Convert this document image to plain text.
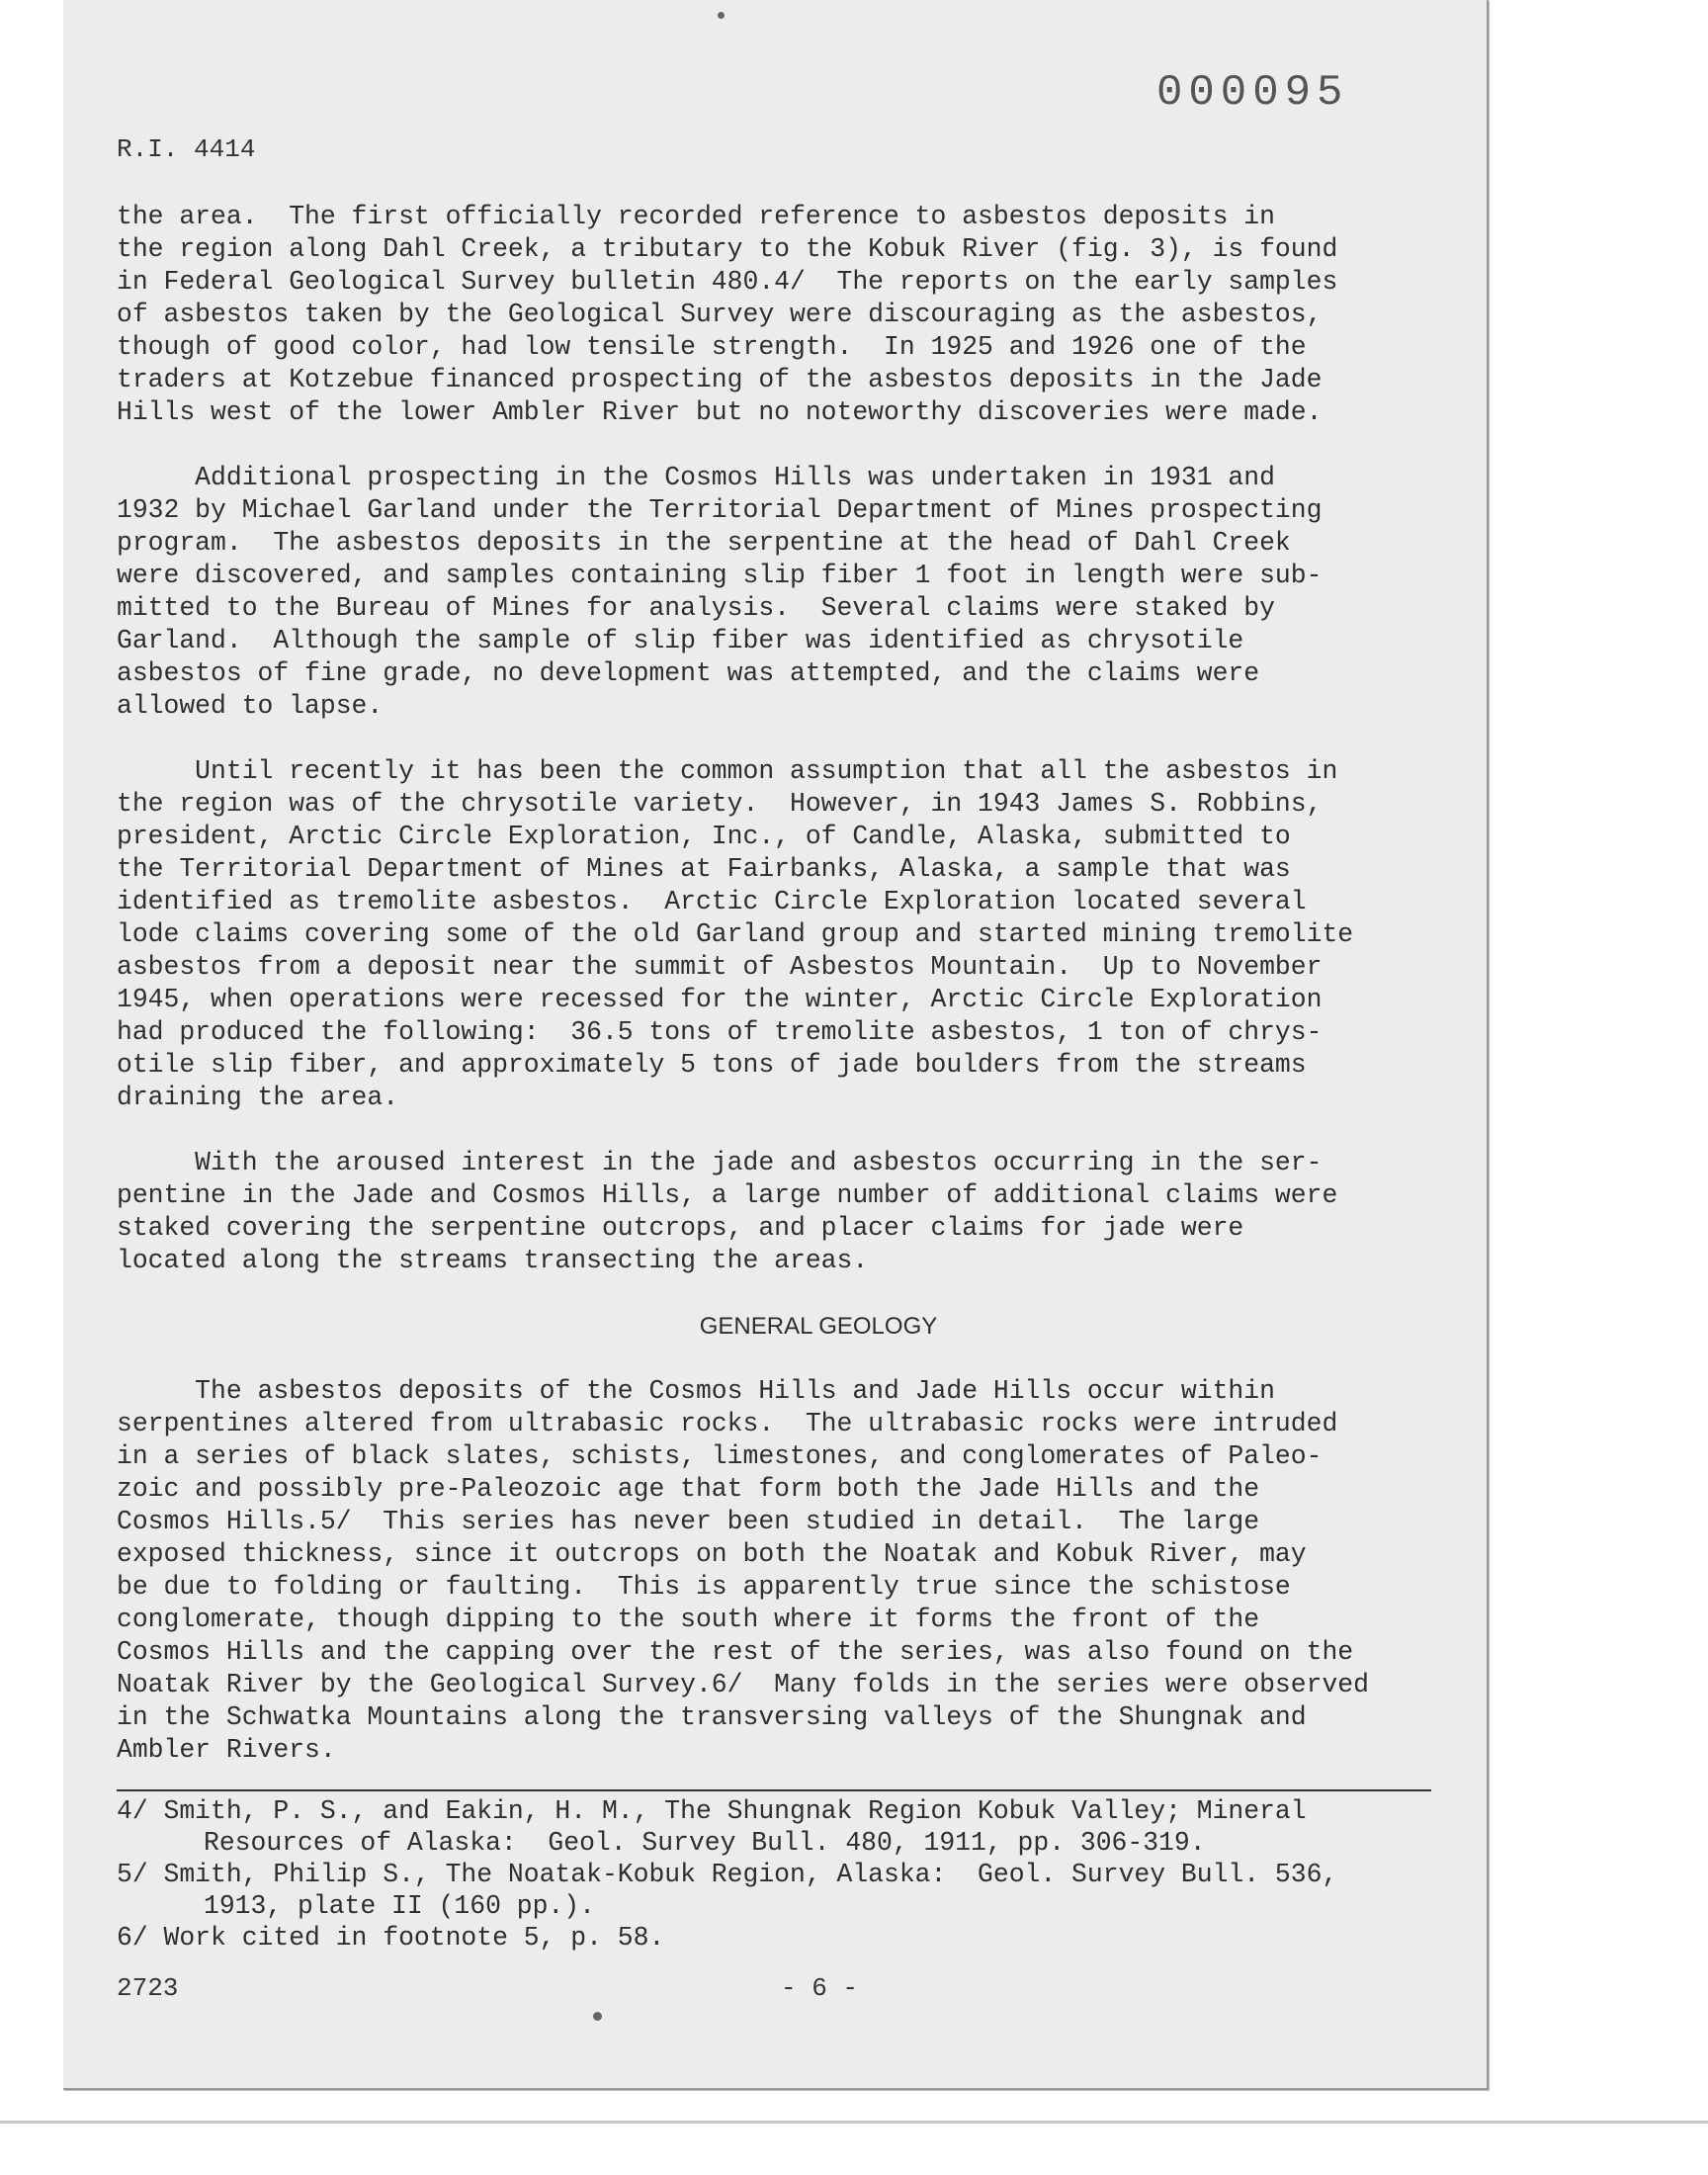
000095
R.I. 4414

the area.  The first officially recorded reference to asbestos deposits in
the region along Dahl Creek, a tributary to the Kobuk River (fig. 3), is found
in Federal Geological Survey bulletin 480.4/  The reports on the early samples
of asbestos taken by the Geological Survey were discouraging as the asbestos,
though of good color, had low tensile strength.  In 1925 and 1926 one of the
traders at Kotzebue financed prospecting of the asbestos deposits in the Jade
Hills west of the lower Ambler River but no noteworthy discoveries were made.

Additional prospecting in the Cosmos Hills was undertaken in 1931 and
1932 by Michael Garland under the Territorial Department of Mines prospecting
program.  The asbestos deposits in the serpentine at the head of Dahl Creek
were discovered, and samples containing slip fiber 1 foot in length were sub-
mitted to the Bureau of Mines for analysis.  Several claims were staked by
Garland.  Although the sample of slip fiber was identified as chrysotile
asbestos of fine grade, no development was attempted, and the claims were
allowed to lapse.

Until recently it has been the common assumption that all the asbestos in
the region was of the chrysotile variety.  However, in 1943 James S. Robbins,
president, Arctic Circle Exploration, Inc., of Candle, Alaska, submitted to
the Territorial Department of Mines at Fairbanks, Alaska, a sample that was
identified as tremolite asbestos.  Arctic Circle Exploration located several
lode claims covering some of the old Garland group and started mining tremolite
asbestos from a deposit near the summit of Asbestos Mountain.  Up to November
1945, when operations were recessed for the winter, Arctic Circle Exploration
had produced the following:  36.5 tons of tremolite asbestos, 1 ton of chrys-
otile slip fiber, and approximately 5 tons of jade boulders from the streams
draining the area.

With the aroused interest in the jade and asbestos occurring in the ser-
pentine in the Jade and Cosmos Hills, a large number of additional claims were
staked covering the serpentine outcrops, and placer claims for jade were
located along the streams transecting the areas.

GENERAL GEOLOGY

The asbestos deposits of the Cosmos Hills and Jade Hills occur within
serpentines altered from ultrabasic rocks.  The ultrabasic rocks were intruded
in a series of black slates, schists, limestones, and conglomerates of Paleo-
zoic and possibly pre-Paleozoic age that form both the Jade Hills and the
Cosmos Hills.5/  This series has never been studied in detail.  The large
exposed thickness, since it outcrops on both the Noatak and Kobuk River, may
be due to folding or faulting.  This is apparently true since the schistose
conglomerate, though dipping to the south where it forms the front of the
Cosmos Hills and the capping over the rest of the series, was also found on the
Noatak River by the Geological Survey.6/  Many folds in the series were observed
in the Schwatka Mountains along the transversing valleys of the Shungnak and
Ambler Rivers.

4/ Smith, P. S., and Eakin, H. M., The Shungnak Region Kobuk Valley; Mineral
Resources of Alaska:  Geol. Survey Bull. 480, 1911, pp. 306-319.
5/ Smith, Philip S., The Noatak-Kobuk Region, Alaska:  Geol. Survey Bull. 536,
1913, plate II (160 pp.).
6/ Work cited in footnote 5, p. 58.
2723	- 6 -
